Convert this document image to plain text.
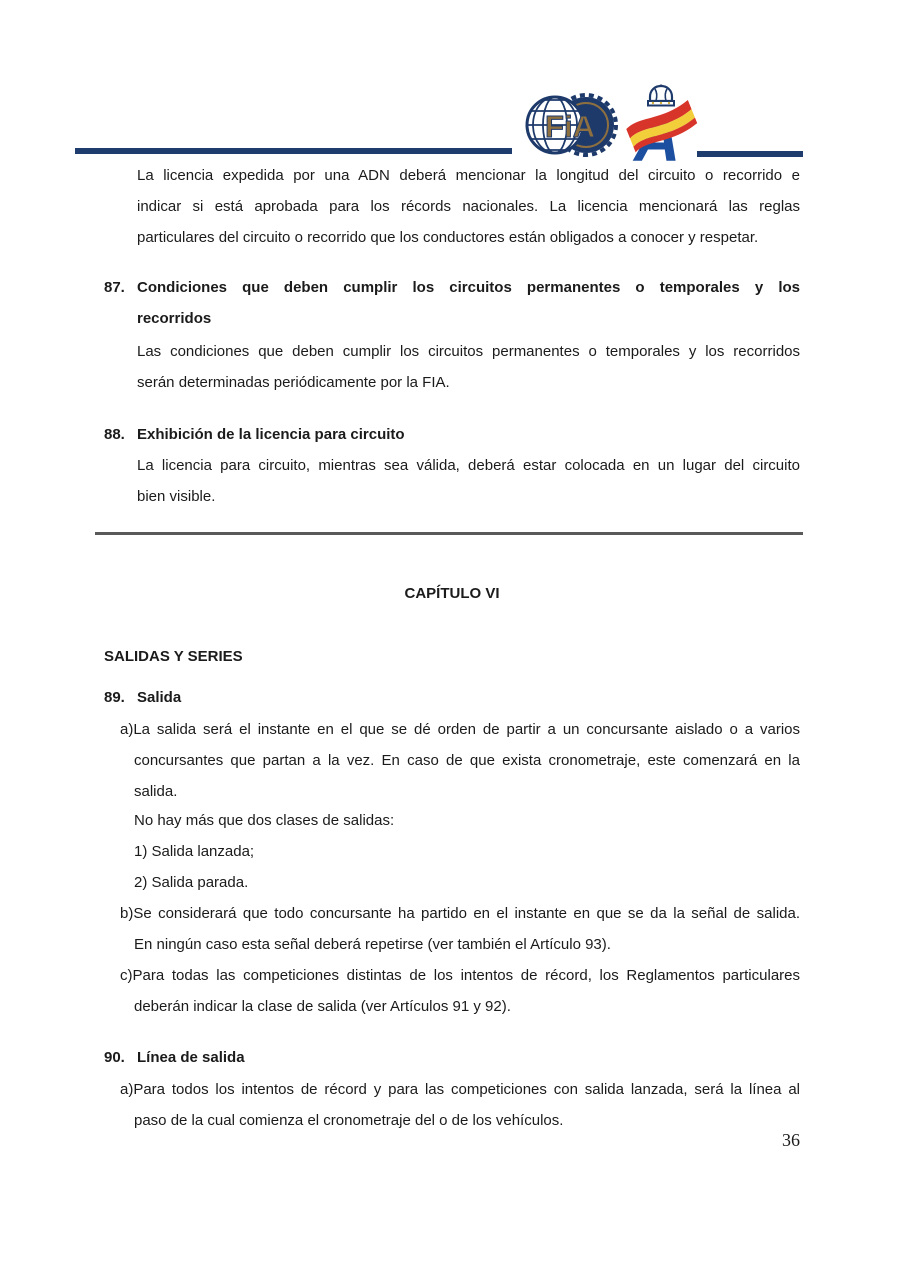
FiA
La licencia expedida por una ADN deberá mencionar la longitud del circuito o recorrido e
indicar si está aprobada para los récords nacionales. La licencia mencionará las reglas
particulares del circuito o recorrido que los conductores están obligados a conocer y respetar.
87. Condiciones que deben cumplir los circuitos permanentes o temporales y los
recorridos
Las condiciones que deben cumplir los circuitos permanentes o temporales y los recorridos
serán determinadas periódicamente por la FIA.
88. Exhibición de la licencia para circuito
La licencia para circuito, mientras sea válida, deberá estar colocada en un lugar del circuito
bien visible.
CAPÍTULO VI
SALIDAS Y SERIES
89. Salida
a)La salida será el instante en el que se dé orden de partir a un concursante aislado o a varios
concursantes que partan a la vez. En caso de que exista cronometraje, este comenzará en la
salida.
No hay más que dos clases de salidas:
1) Salida lanzada;
2) Salida parada.
b)Se considerará que todo concursante ha partido en el instante en que se da la señal de salida.
En ningún caso esta señal deberá repetirse (ver también el Artículo 93).
c)Para todas las competiciones distintas de los intentos de récord, los Reglamentos particulares
deberán indicar la clase de salida (ver Artículos 91 y 92).
90. Línea de salida
a)Para todos los intentos de récord y para las competiciones con salida lanzada, será la línea al
paso de la cual comienza el cronometraje del o de los vehículos.
36
